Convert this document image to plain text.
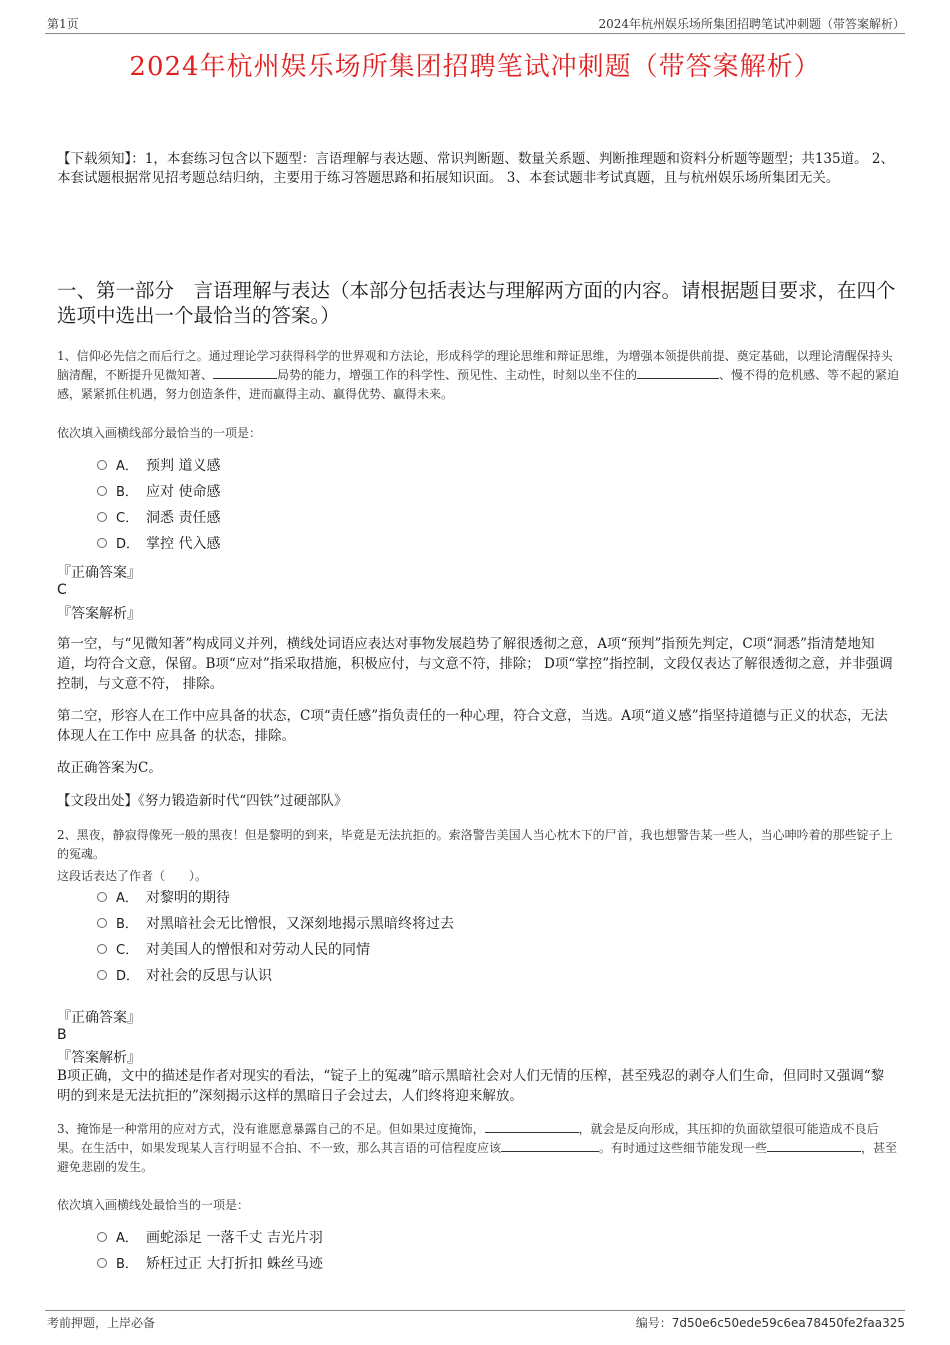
第1页	2024年杭州娱乐场所集团招聘笔试冲刺题（带答案解析）
2024年杭州娱乐场所集团招聘笔试冲刺题（带答案解析）
【下载须知】：1，本套练习包含以下题型：言语理解与表达题、常识判断题、数量关系题、判断推理题和资料分析题等题型；共135道。 2、本套试题根据常见招考题总结归纳，主要用于练习答题思路和拓展知识面。 3、本套试题非考试真题，且与杭州娱乐场所集团无关。
一、第一部分　言语理解与表达（本部分包括表达与理解两方面的内容。请根据题目要求，在四个选项中选出一个最恰当的答案。）
1、信仰必先信之而后行之。通过理论学习获得科学的世界观和方法论，形成科学的理论思维和辩证思维，为增强本领提供前提、奠定基础，以理论清醒保持头脑清醒，不断提升见微知著、	局势的能力，增强工作的科学性、预见性、主动性，时刻以坐不住的	、慢不得的危机感、等不起的紧迫感，紧紧抓住机遇，努力创造条件，进而赢得主动、赢得优势、赢得未来。
依次填入画横线部分最恰当的一项是：
A． 预判 道义感
B． 应对 使命感
C． 洞悉 责任感
D． 掌控 代入感
『正确答案』
C
『答案解析』
第一空，与“见微知著”构成同义并列，横线处词语应表达对事物发展趋势了解很透彻之意，A项“预判”指预先判定，C项“洞悉”指清楚地知道，均符合文意，保留。B项“应对”指采取措施，积极应付，与文意不符，排除； D项“掌控”指控制，文段仅表达了解很透彻之意，并非强调控制，与文意不符， 排除。
第二空，形容人在工作中应具备的状态，C项“责任感”指负责任的一种心理，符合文意，当选。A项“道义感”指坚持道德与正义的状态，无法体现人在工作中 应具备 的状态，排除。
故正确答案为C。
【文段出处】《努力锻造新时代“四铁”过硬部队》
2、黑夜，静寂得像死一般的黑夜！但是黎明的到来，毕竟是无法抗拒的。索洛警告美国人当心枕木下的尸首，我也想警告某一些人，当心呻吟着的那些锭子上的冤魂。
这段话表达了作者（　　）。
A． 对黎明的期待
B． 对黑暗社会无比憎恨，又深刻地揭示黑暗终将过去
C． 对美国人的憎恨和对劳动人民的同情
D． 对社会的反思与认识
『正确答案』
B
『答案解析』
B项正确，文中的描述是作者对现实的看法，“锭子上的冤魂”暗示黑暗社会对人们无情的压榨，甚至残忍的剥夺人们生命，但同时又强调“黎明的到来是无法抗拒的”深刻揭示这样的黑暗日子会过去，人们终将迎来解放。
3、掩饰是一种常用的应对方式，没有谁愿意暴露自己的不足。但如果过度掩饰，	，就会是反向形成，其压抑的负面欲望很可能造成不良后果。在生活中，如果发现某人言行明显不合拍、不一致，那么其言语的可信程度应该	。有时通过这些细节能发现一些	，甚至避免悲剧的发生。
依次填入画横线处最恰当的一项是：
A． 画蛇添足 一落千丈 吉光片羽
B． 矫枉过正 大打折扣 蛛丝马迹
考前押题，上岸必备	编号：7d50e6c50ede59c6ea78450fe2faa325
